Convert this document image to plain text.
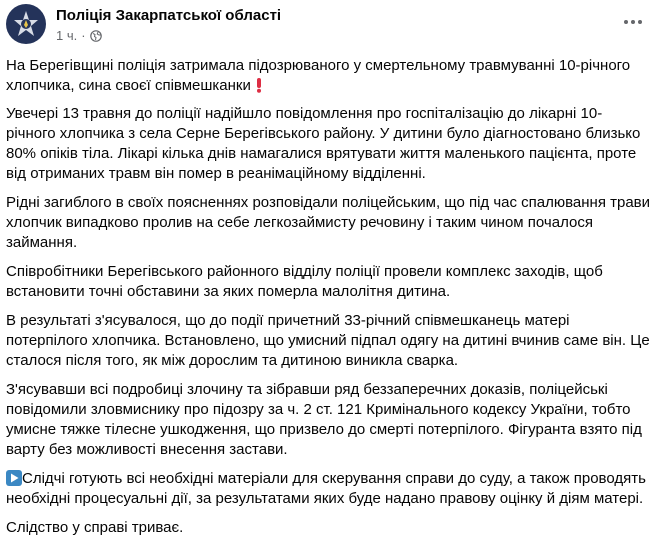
Поліція Закарпатської області
1 ч. ·

На Берегівщині поліція затримала підозрюваного у смертельному травмуванні 10-річного хлопчика, сина своєї співмешканки

Увечері 13 травня до поліції надійшло повідомлення про госпіталізацію до лікарні 10-річного хлопчика з села Серне Берегівського району. У дитини було діагностовано близько 80% опіків тіла. Лікарі кілька днів намагалися врятувати життя маленького пацієнта, проте від отриманих травм він помер в реанімаційному відділенні.

Рідні загиблого в своїх поясненнях розповідали поліцейським, що під час спалювання трави хлопчик випадково пролив на себе легкозаймисту речовину і таким чином почалося займання.

Співробітники Берегівського районного відділу поліції провели комплекс заходів, щоб встановити точні обставини за яких померла малолітня дитина.

В результаті з'ясувалося, що до події причетний 33-річний співмешканець матері потерпілого хлопчика. Встановлено, що умисний підпал одягу на дитині вчинив саме він. Це сталося після того, як між дорослим та дитиною виникла сварка.

З'ясувавши всі подробиці злочину та зібравши ряд беззаперечних доказів, поліцейські повідомили зловмиснику про підозру за ч. 2 ст. 121 Кримінального кодексу України, тобто умисне тяжке тілесне ушкодження, що призвело до смерті потерпілого. Фігуранта взято під варту без можливості внесення застави.

Слідчі готують всі необхідні матеріали для скерування справи до суду, а також проводять необхідні процесуальні дії, за результатами яких буде надано правову оцінку й діям матері.

Слідство у справі триває.
